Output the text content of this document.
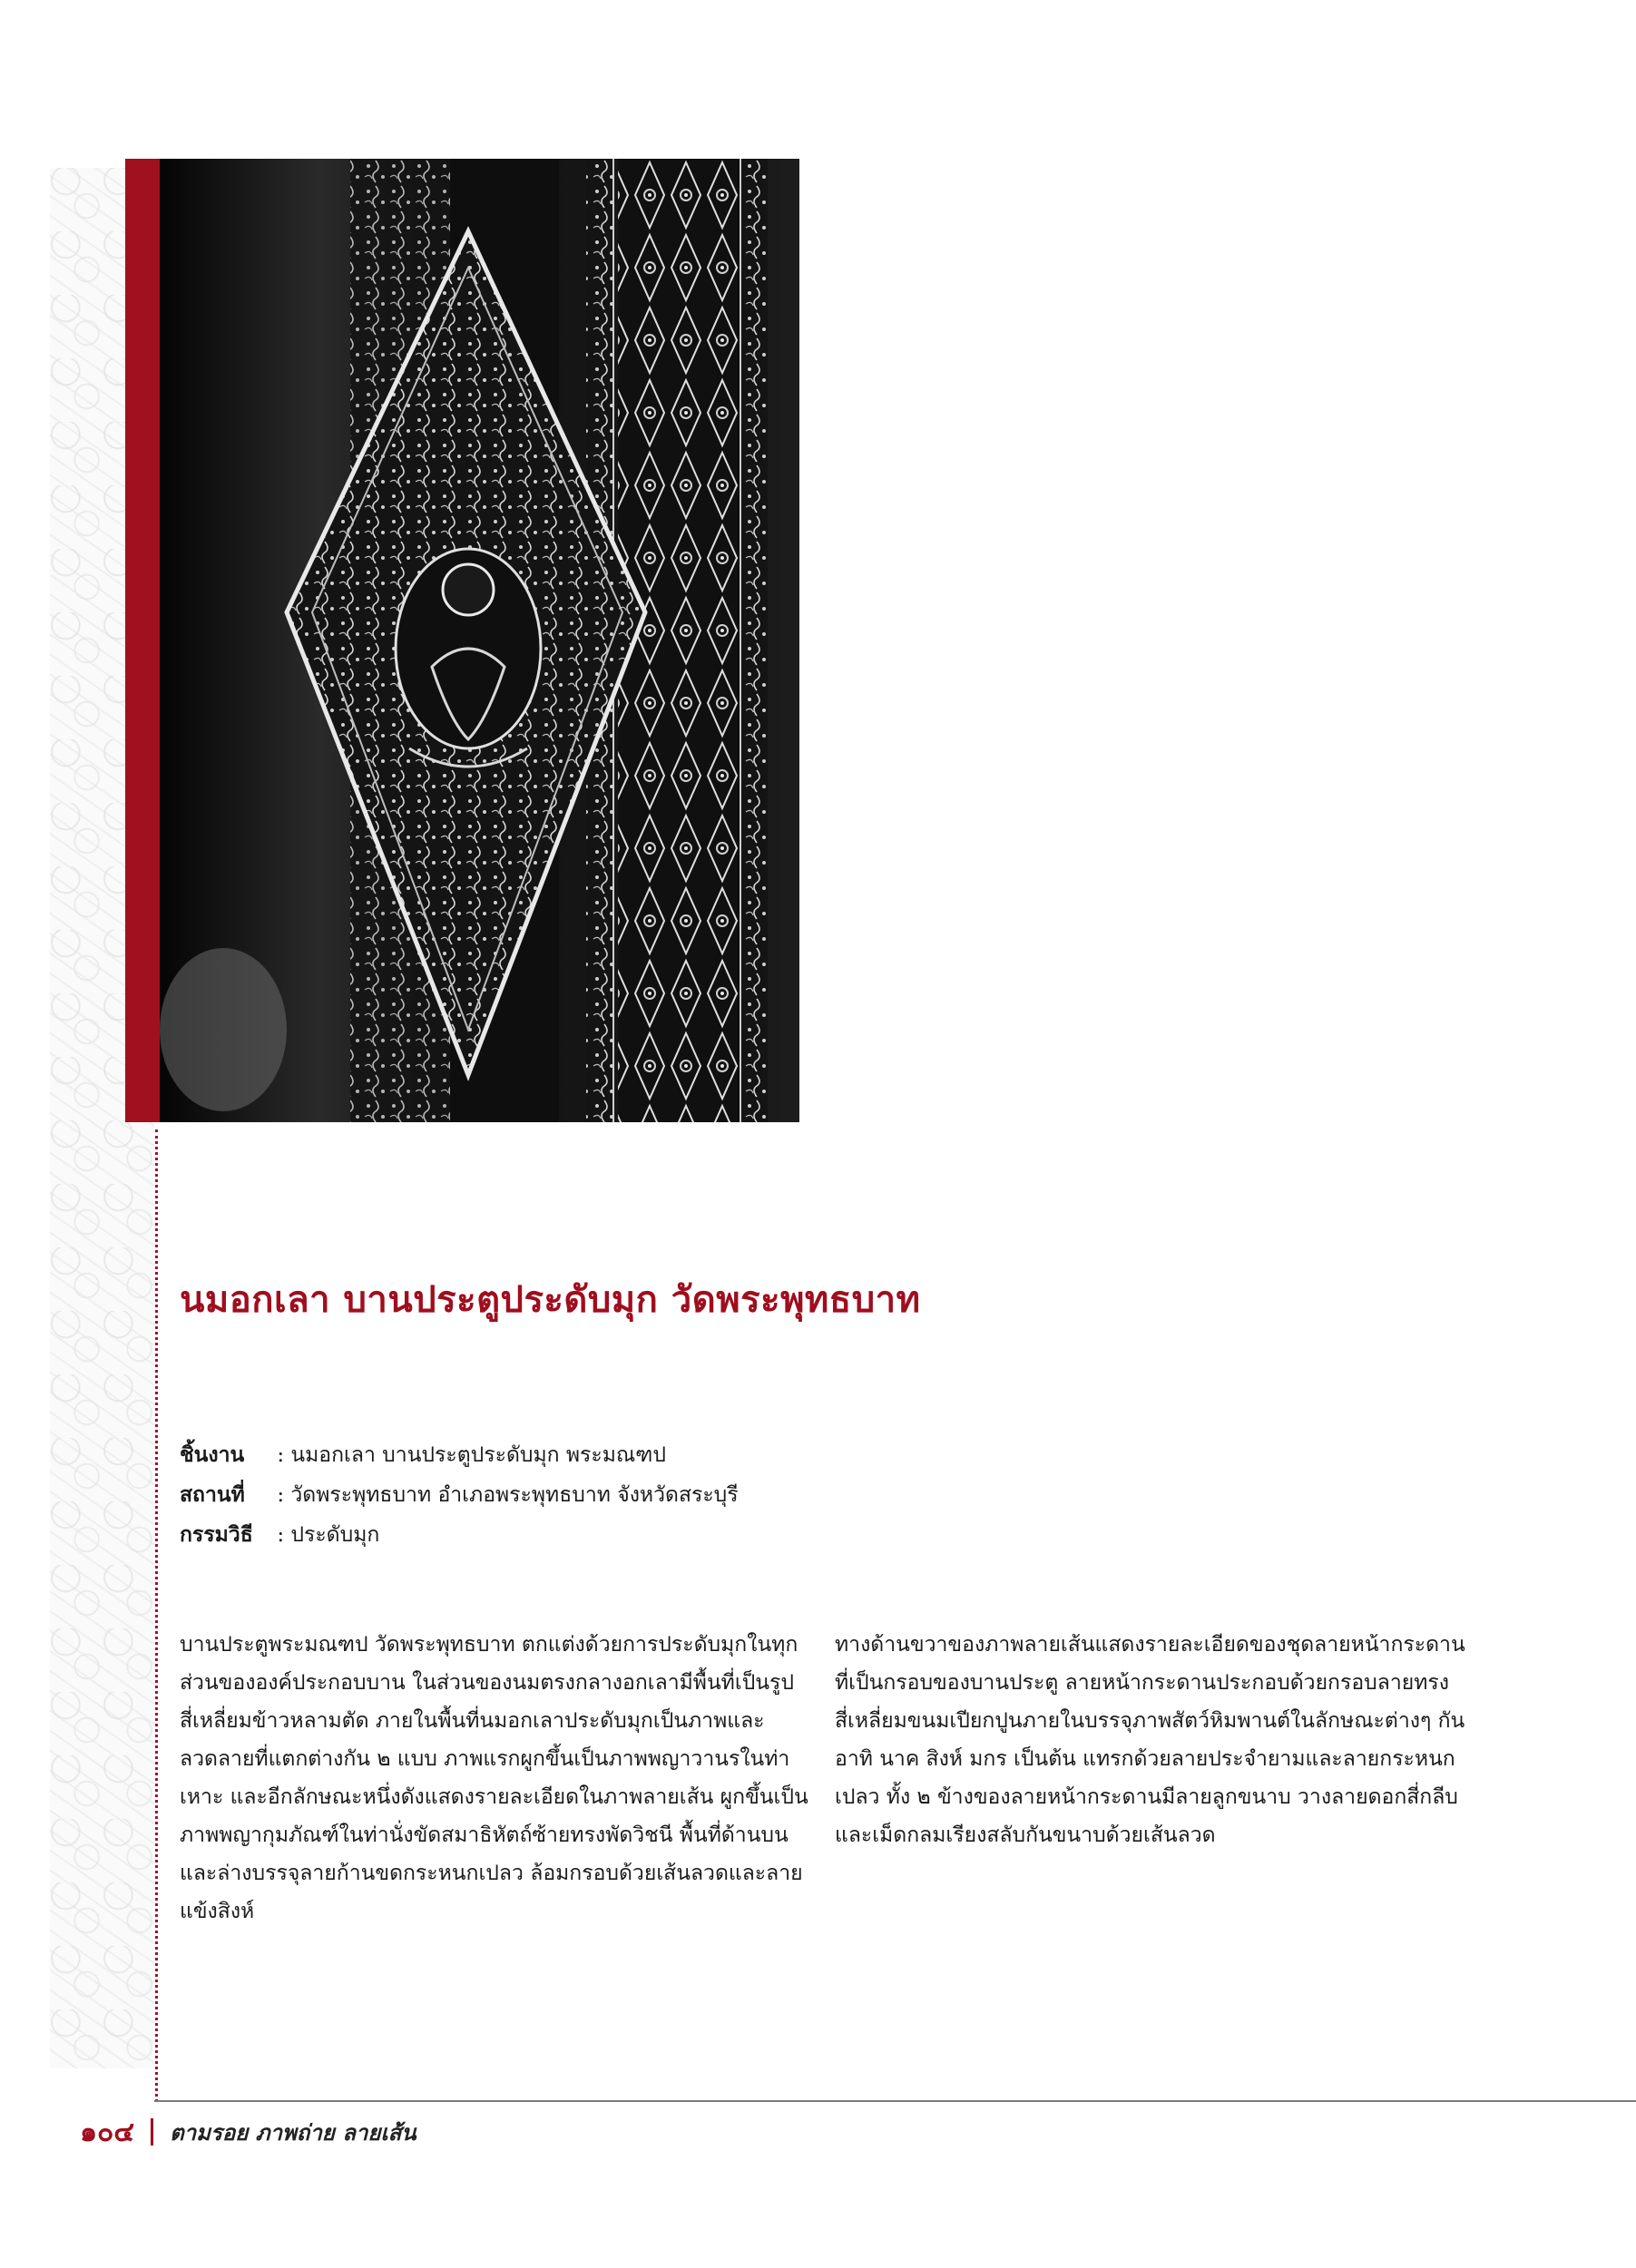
นมอกเลา บานประตูประดับมุก วัดพระพุทธบาท
ชิ้นงาน : นมอกเลา บานประตูประดับมุก พระมณฑป
สถานที่ : วัดพระพุทธบาท อำเภอพระพุทธบาท จังหวัดสระบุรี
กรรมวิธี : ประดับมุก

บานประตูพระมณฑป วัดพระพุทธบาท ตกแต่งด้วยการประดับมุกในทุกส่วนขององค์ประกอบบาน ในส่วนของนมตรงกลางอกเลามีพื้นที่เป็นรูปสี่เหลี่ยมข้าวหลามตัด ภายในพื้นที่นมอกเลาประดับมุกเป็นภาพและลวดลายที่แตกต่างกัน ๒ แบบ ภาพแรกผูกขึ้นเป็นภาพพญาวานรในท่าเหาะ และอีกลักษณะหนึ่งดังแสดงรายละเอียดในภาพลายเส้น ผูกขึ้นเป็นภาพพญากุมภัณฑ์ในท่านั่งขัดสมาธิหัตถ์ซ้ายทรงพัดวิชนี พื้นที่ด้านบนและล่างบรรจุลายก้านขดกระหนกเปลว ล้อมกรอบด้วยเส้นลวดและลายแข้งสิงห์

ทางด้านขวาของภาพลายเส้นแสดงรายละเอียดของชุดลายหน้ากระดานที่เป็นกรอบของบานประตู ลายหน้ากระดานประกอบด้วยกรอบลายทรงสี่เหลี่ยมขนมเปียกปูนภายในบรรจุภาพสัตว์หิมพานต์ในลักษณะต่างๆ กัน อาทิ นาค สิงห์ มกร เป็นต้น แทรกด้วยลายประจำยามและลายกระหนกเปลว ทั้ง ๒ ข้างของลายหน้ากระดานมีลายลูกขนาบ วางลายดอกสี่กลีบและเม็ดกลมเรียงสลับกันขนาบด้วยเส้นลวด

๑๐๔ ตามรอย ภาพถ่าย ลายเส้น
